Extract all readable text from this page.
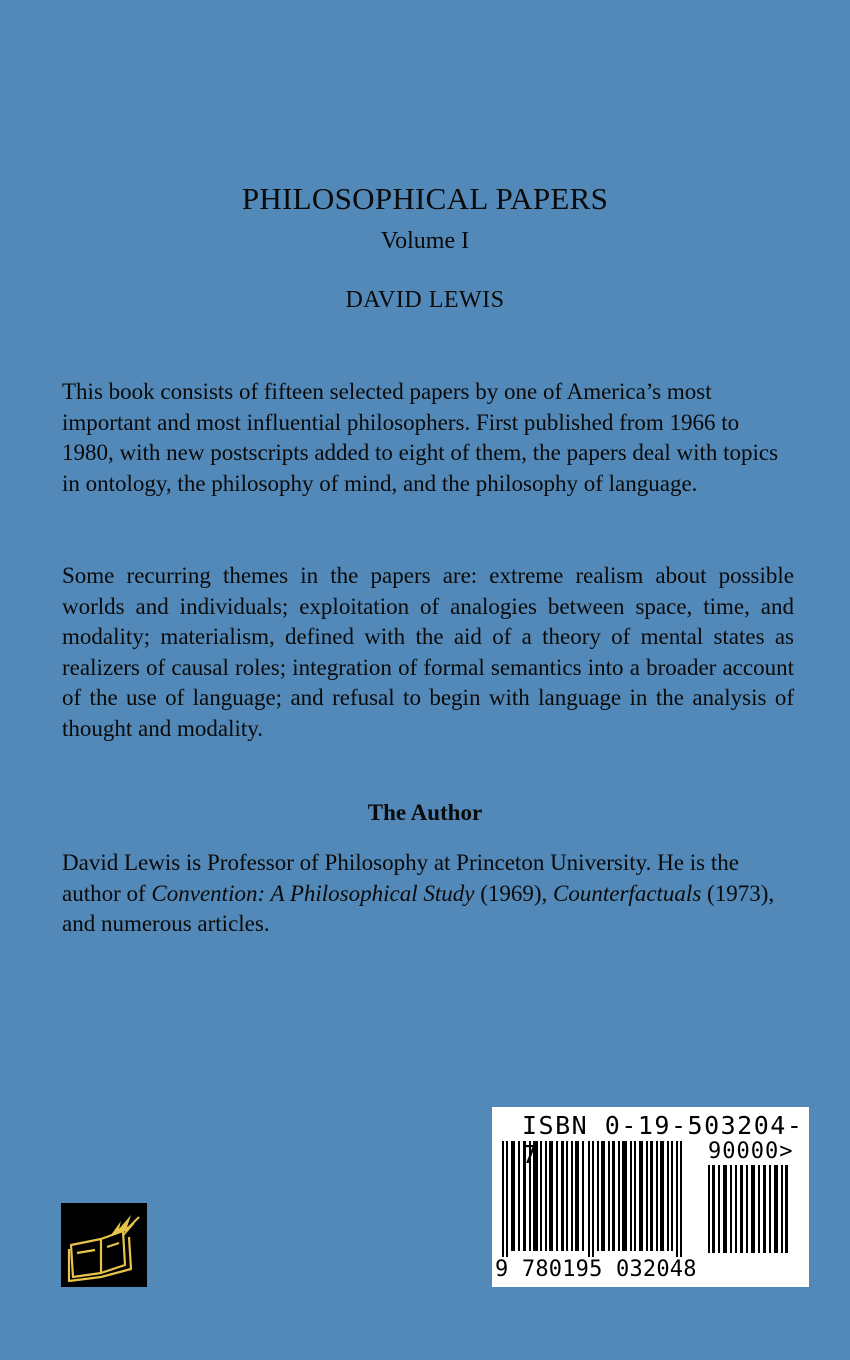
PHILOSOPHICAL PAPERS
Volume I
DAVID LEWIS

This book consists of fifteen selected papers by one of America’s most important and most influential philosophers. First published from 1966 to 1980, with new postscripts added to eight of them, the papers deal with topics in ontology, the philosophy of mind, and the philosophy of language.

Some recurring themes in the papers are: extreme realism about possible worlds and individuals; exploitation of analogies between space, time, and modality; materialism, defined with the aid of a theory of mental states as realizers of causal roles; integration of formal semantics into a broader account of the use of language; and refusal to begin with language in the analysis of thought and modality.

The Author

David Lewis is Professor of Philosophy at Princeton University. He is the author of Convention: A Philosophical Study (1969), Counterfactuals (1973), and numerous articles.

ISBN 0-19-503204-7	90000>
9 780195 032048
